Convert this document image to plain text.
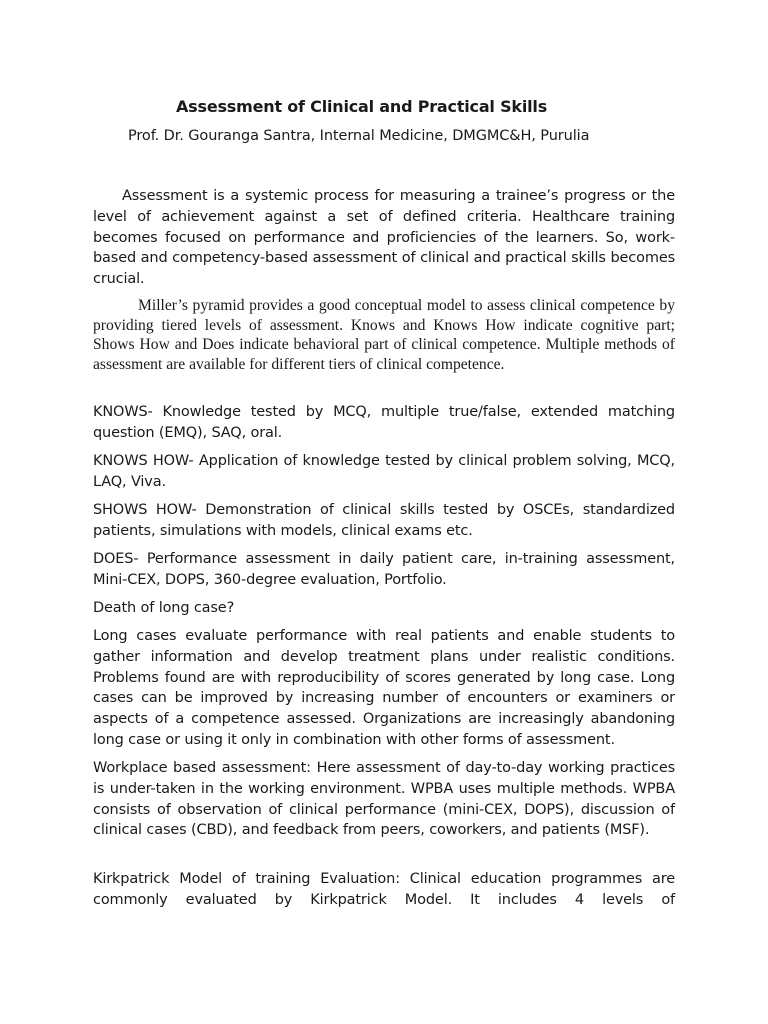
Assessment of Clinical and Practical Skills
Prof. Dr. Gouranga Santra, Internal Medicine, DMGMC&H, Purulia

Assessment is a systemic process for measuring a trainee’s progress or the level of achievement against a set of defined criteria. Healthcare training becomes focused on performance and proficiencies of the learners. So, work-based and competency-based assessment of clinical and practical skills becomes crucial.

Miller’s pyramid provides a good conceptual model to assess clinical competence by providing tiered levels of assessment. Knows and Knows How indicate cognitive part; Shows How and Does indicate behavioral part of clinical competence. Multiple methods of assessment are available for different tiers of clinical competence.

KNOWS- Knowledge tested by MCQ, multiple true/false, extended matching question (EMQ), SAQ, oral.

KNOWS HOW- Application of knowledge tested by clinical problem solving, MCQ, LAQ, Viva.

SHOWS HOW- Demonstration of clinical skills tested by OSCEs, standardized patients, simulations with models, clinical exams etc.

DOES- Performance assessment in daily patient care, in-training assessment, Mini-CEX, DOPS, 360-degree evaluation, Portfolio.

Death of long case?

Long cases evaluate performance with real patients and enable students to gather information and develop treatment plans under realistic conditions. Problems found are with reproducibility of scores generated by long case. Long cases can be improved by increasing number of encounters or examiners or aspects of a competence assessed. Organizations are increasingly abandoning long case or using it only in combination with other forms of assessment.

Workplace based assessment: Here assessment of day-to-day working practices is under-taken in the working environment. WPBA uses multiple methods. WPBA consists of observation of clinical performance (mini-CEX, DOPS), discussion of clinical cases (CBD), and feedback from peers, coworkers, and patients (MSF).

Kirkpatrick Model of training Evaluation: Clinical education programmes are commonly evaluated by Kirkpatrick Model. It includes 4 levels of
